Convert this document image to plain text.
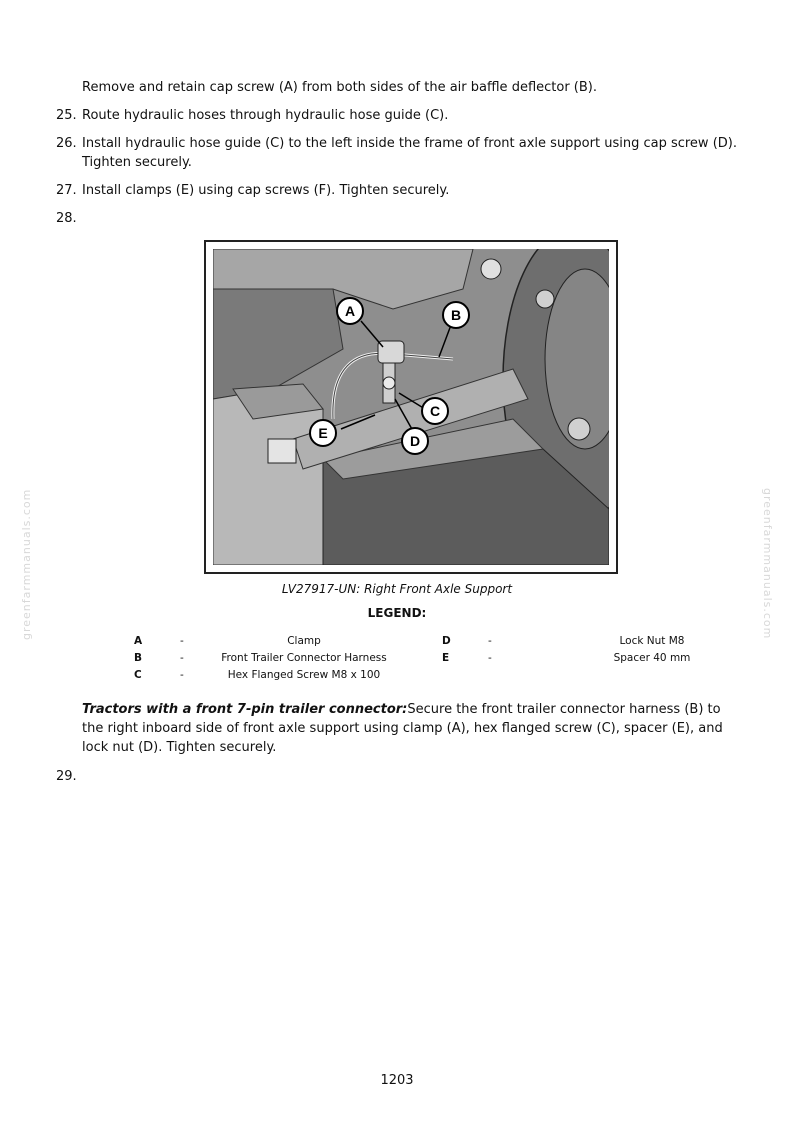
Remove and retain cap screw (A) from both sides of the air baffle deflector (B).
25. Route hydraulic hoses through hydraulic hose guide (C).
26. Install hydraulic hose guide (C) to the left inside the frame of front axle support using cap screw (D). Tighten securely.
27. Install clamps (E) using cap screws (F). Tighten securely.
28.
A	B
C
D
E
LV27917-UN: Right Front Axle Support
LEGEND:
A	-	Clamp
B	-	Front Trailer Connector Harness
C	-	Hex Flanged Screw M8 x 100
D	-	Lock Nut M8
E	-	Spacer 40 mm
Tractors with a front 7-pin trailer connector:Secure the front trailer connector harness (B) to the right inboard side of front axle support using clamp (A), hex flanged screw (C), spacer (E), and lock nut (D). Tighten securely.
29.
1203
greenfarmmanuals.com	greenfarmmanuals.com
